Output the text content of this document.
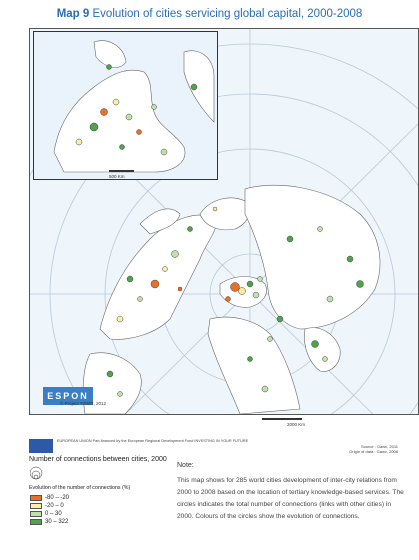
Map 9 Evolution of cities servicing global capital, 2000-2008
500 Km
ESPON
© Project TIGER, 2012
2000 Km
EUROPEAN UNION Part-financed by the European Regional Development Fund INVESTING IN YOUR FUTURE
Source : Gawc, 2011
Origin of data : Gawc, 2008
Number of connections between cities, 2000
Evolution of the number of connections (%)
-80 – -20
-20 – 0
0 – 30
30 – 322
Note:
This map shows for 285 world cities development of inter-city relations from 2000 to 2008 based on the location of tertiary knowledge-based services. The circles indicates the total number of connections (links with other cities) in 2000. Colours of the circles show the evolution of connections.
